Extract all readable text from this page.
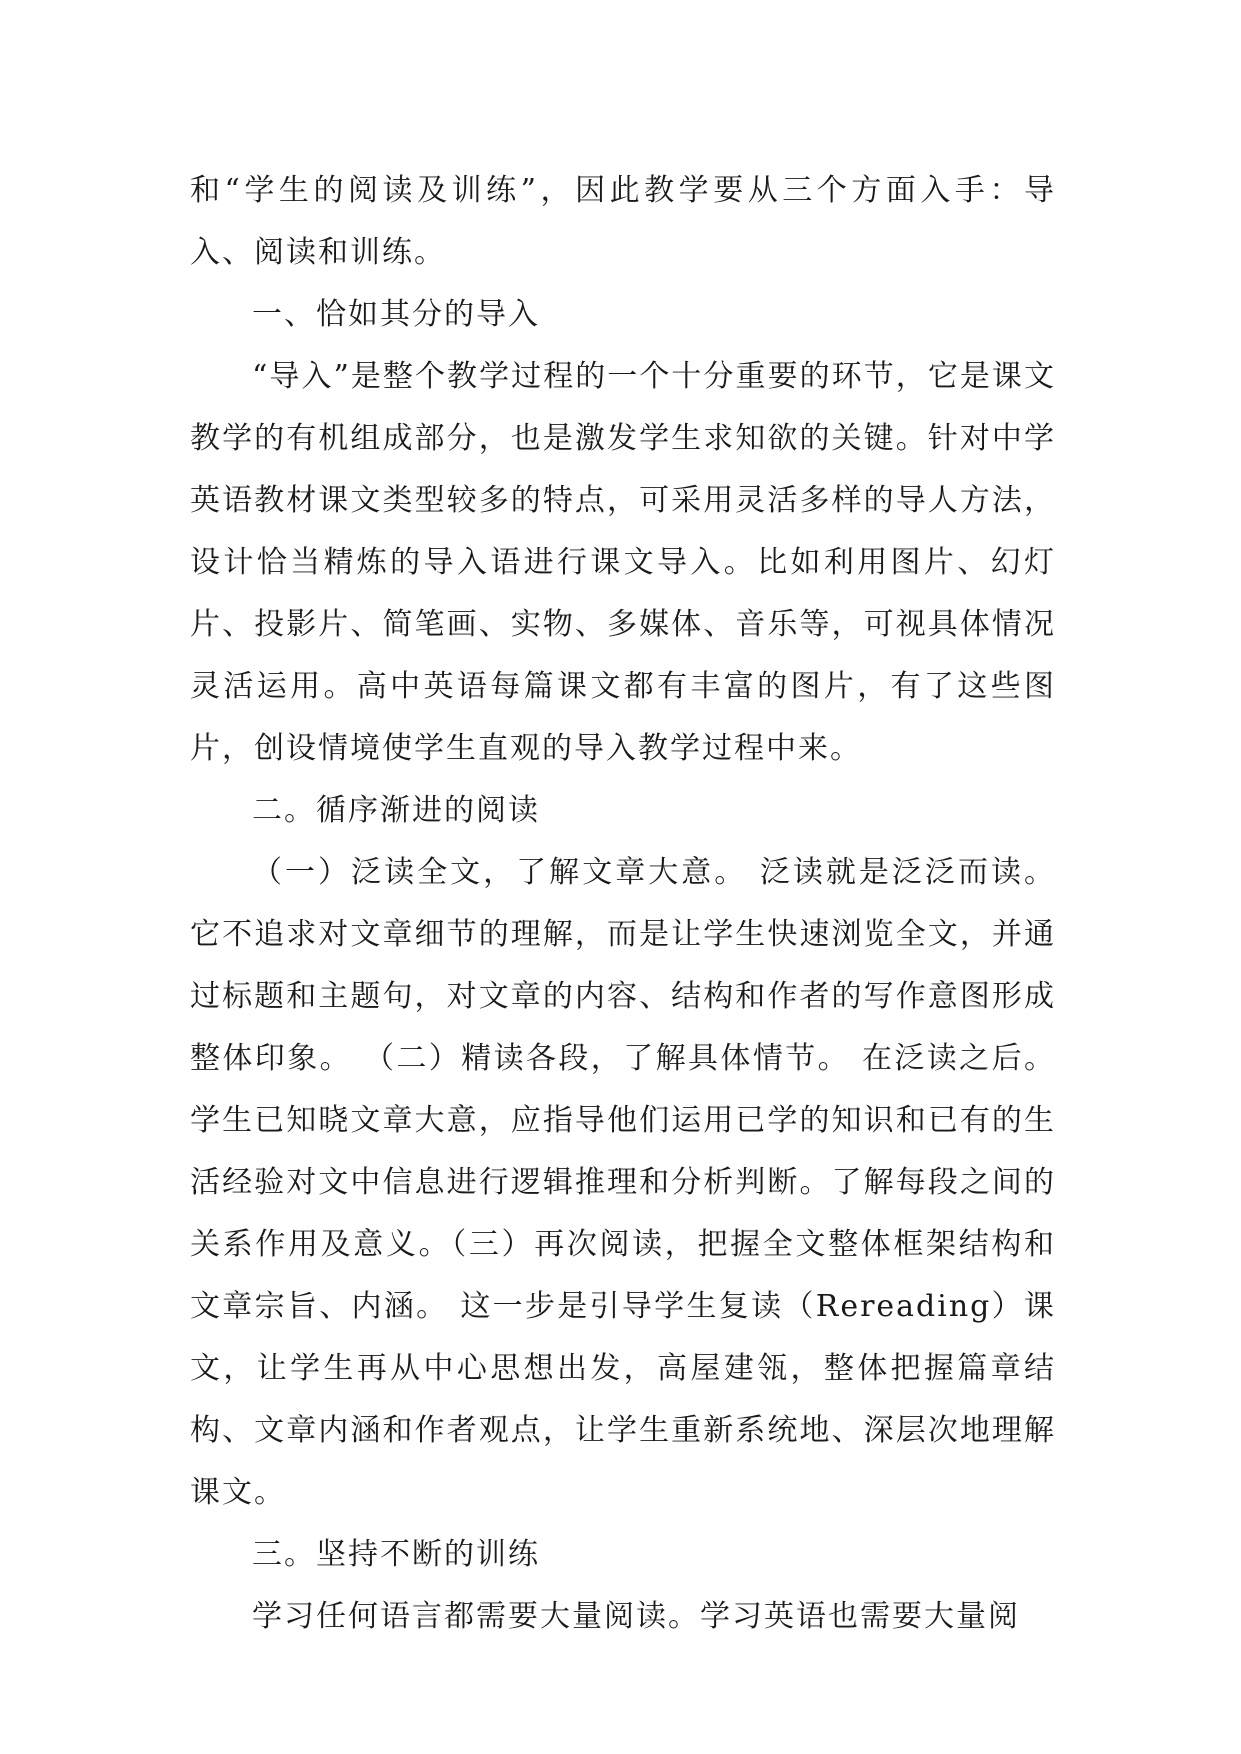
和“学生的阅读及训练”，因此教学要从三个方面入手：导入、阅读和训练。

一、恰如其分的导入

“导入”是整个教学过程的一个十分重要的环节，它是课文教学的有机组成部分，也是激发学生求知欲的关键。针对中学英语教材课文类型较多的特点，可采用灵活多样的导人方法，设计恰当精炼的导入语进行课文导入。比如利用图片、幻灯片、投影片、简笔画、实物、多媒体、音乐等，可视具体情况灵活运用。高中英语每篇课文都有丰富的图片，有了这些图片，创设情境使学生直观的导入教学过程中来。

二。循序渐进的阅读

（一）泛读全文，了解文章大意。 泛读就是泛泛而读。它不追求对文章细节的理解，而是让学生快速浏览全文，并通过标题和主题句，对文章的内容、结构和作者的写作意图形成整体印象。 （二）精读各段，了解具体情节。 在泛读之后。学生已知晓文章大意，应指导他们运用已学的知识和已有的生活经验对文中信息进行逻辑推理和分析判断。了解每段之间的关系作用及意义。（三）再次阅读，把握全文整体框架结构和文章宗旨、内涵。 这一步是引导学生复读（Rereading）课文，让学生再从中心思想出发，高屋建瓴，整体把握篇章结构、文章内涵和作者观点，让学生重新系统地、深层次地理解课文。

三。坚持不断的训练

学习任何语言都需要大量阅读。学习英语也需要大量阅
